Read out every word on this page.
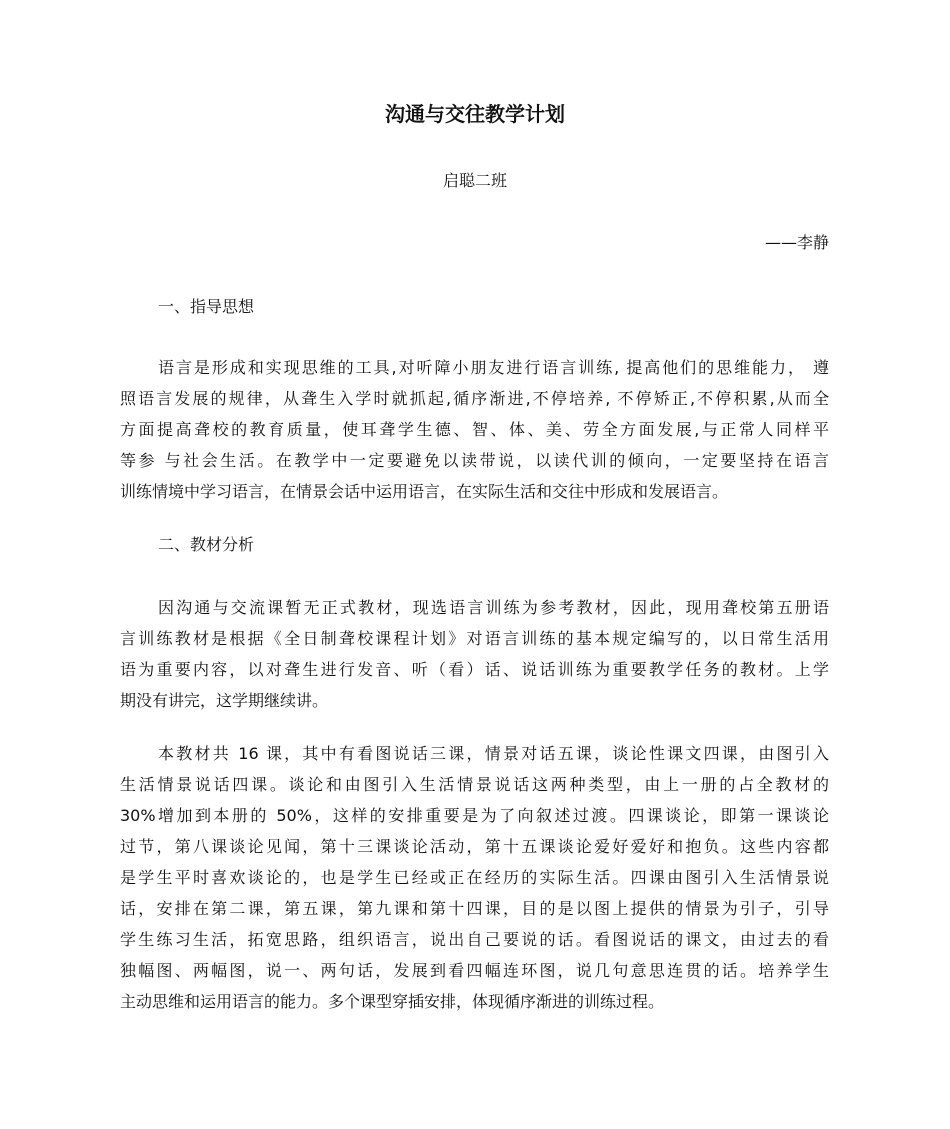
沟通与交往教学计划
启聪二班
——李静
一、指导思想
语言是形成和实现思维的工具,对听障小朋友进行语言训练, 提高他们的思维能力， 遵
照语言发展的规律，从聋生入学时就抓起,循序渐进,不停培养, 不停矫正,不停积累,从而全
方面提高聋校的教育质量，使耳聋学生德、智、体、美、劳全方面发展,与正常人同样平
等参 与社会生活。在教学中一定要避免以读带说，以读代训的倾向，一定要坚持在语言
训练情境中学习语言，在情景会话中运用语言，在实际生活和交往中形成和发展语言。
二、教材分析
因沟通与交流课暂无正式教材，现选语言训练为参考教材，因此，现用聋校第五册语
言训练教材是根据《全日制聋校课程计划》对语言训练的基本规定编写的，以日常生活用
语为重要内容，以对聋生进行发音、听（看）话、说话训练为重要教学任务的教材。上学
期没有讲完，这学期继续讲。
本教材共 16 课，其中有看图说话三课，情景对话五课，谈论性课文四课，由图引入
生活情景说话四课。谈论和由图引入生活情景说话这两种类型，由上一册的占全教材的
30%增加到本册的 50%，这样的安排重要是为了向叙述过渡。四课谈论，即第一课谈论
过节，第八课谈论见闻，第十三课谈论活动，第十五课谈论爱好爱好和抱负。这些内容都
是学生平时喜欢谈论的，也是学生已经或正在经历的实际生活。四课由图引入生活情景说
话，安排在第二课，第五课，第九课和第十四课，目的是以图上提供的情景为引子，引导
学生练习生活，拓宽思路，组织语言，说出自己要说的话。看图说话的课文，由过去的看
独幅图、两幅图，说一、两句话，发展到看四幅连环图，说几句意思连贯的话。培养学生
主动思维和运用语言的能力。多个课型穿插安排，体现循序渐进的训练过程。
